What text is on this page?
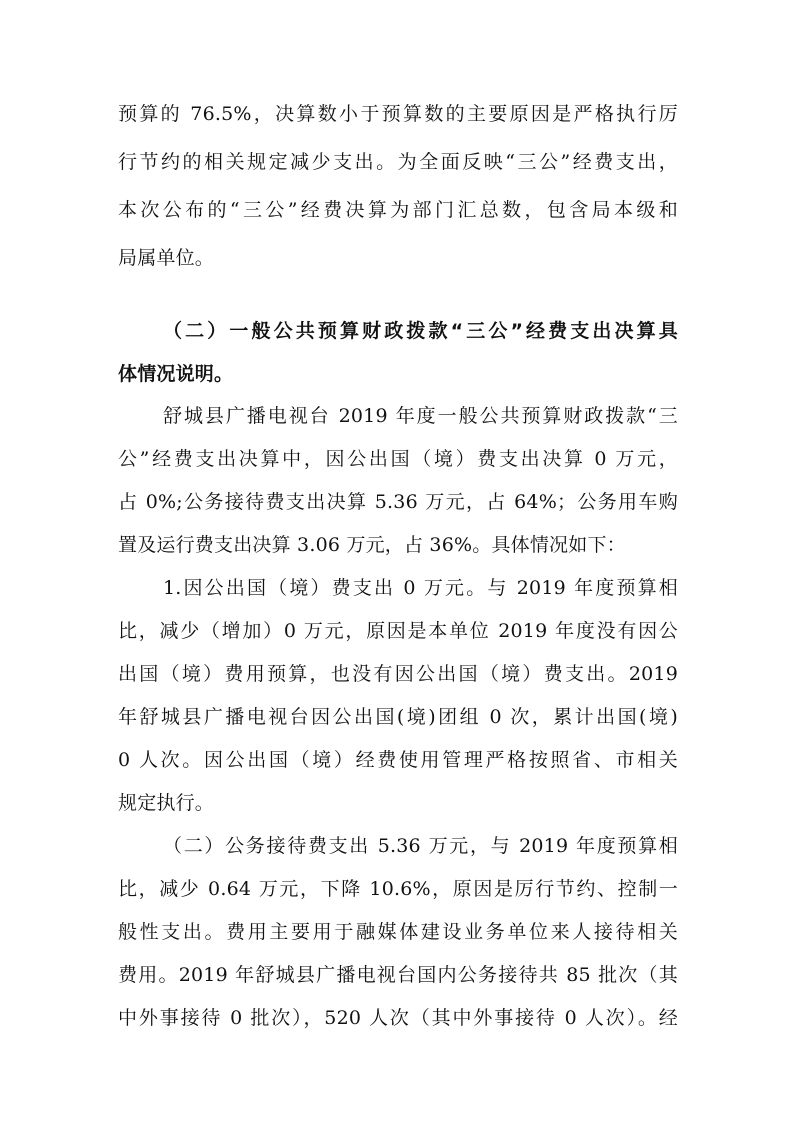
预算的 76.5%，决算数小于预算数的主要原因是严格执行厉
行节约的相关规定减少支出。为全面反映“三公”经费支出，
本次公布的“三公”经费决算为部门汇总数，包含局本级和
局属单位。
（二）一般公共预算财政拨款“三公”经费支出决算具
体情况说明。
舒城县广播电视台 2019 年度一般公共预算财政拨款“三
公”经费支出决算中，因公出国（境）费支出决算 0 万元，
占 0%;公务接待费支出决算 5.36 万元，占 64%；公务用车购
置及运行费支出决算 3.06 万元，占 36%。具体情况如下：
1.因公出国（境）费支出 0 万元。与 2019 年度预算相
比，减少（增加）0 万元，原因是本单位 2019 年度没有因公
出国（境）费用预算，也没有因公出国（境）费支出。2019
年舒城县广播电视台因公出国(境)团组 0 次，累计出国(境)
0 人次。因公出国（境）经费使用管理严格按照省、市相关
规定执行。
（二）公务接待费支出 5.36 万元，与 2019 年度预算相
比，减少 0.64 万元，下降 10.6%，原因是厉行节约、控制一
般性支出。费用主要用于融媒体建设业务单位来人接待相关
费用。2019 年舒城县广播电视台国内公务接待共 85 批次（其
中外事接待 0 批次），520 人次（其中外事接待 0 人次）。经
